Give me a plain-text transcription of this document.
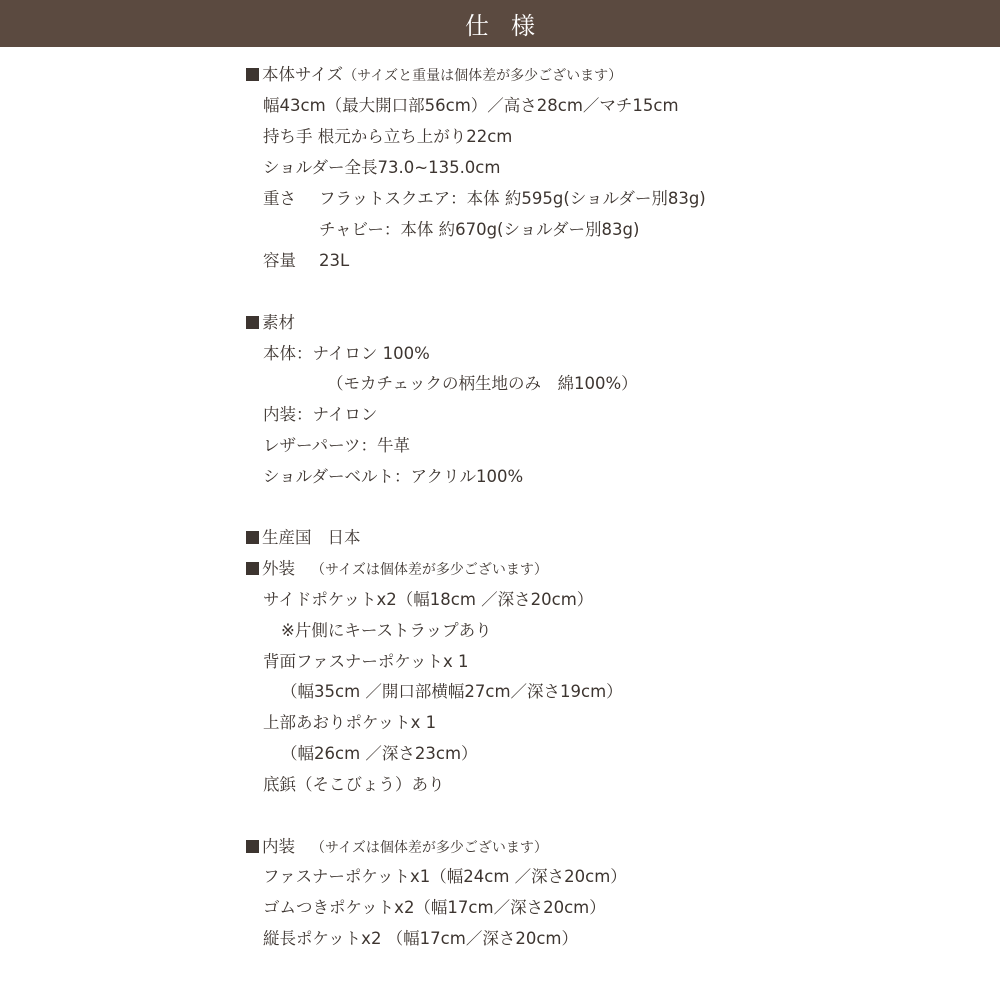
仕様
本体サイズ（サイズと重量は個体差が多少ございます）
幅43cm（最大開口部56cm）／高さ28cm／マチ15cm
持ち手 根元から立ち上がり22cm
ショルダー全長73.0~135.0cm
重さ フラットスクエア：本体 約595g(ショルダー別83g)
チャビー：本体 約670g(ショルダー別83g)
容量 23L
素材
本体：ナイロン 100%
（モカチェックの柄生地のみ　綿100%）
内装：ナイロン
レザーパーツ：牛革
ショルダーベルト：アクリル100%
生産国 日本
外装 （サイズは個体差が多少ございます）
サイドポケットx2（幅18cm ／深さ20cm）
※片側にキーストラップあり
背面ファスナーポケットx 1
（幅35cm ／開口部横幅27cm／深さ19cm）
上部あおりポケットx 1
（幅26cm ／深さ23cm）
底鋲（そこびょう）あり
内装 （サイズは個体差が多少ございます）
ファスナーポケットx1（幅24cm ／深さ20cm）
ゴムつきポケットx2（幅17cm／深さ20cm）
縦長ポケットx2 （幅17cm／深さ20cm）
